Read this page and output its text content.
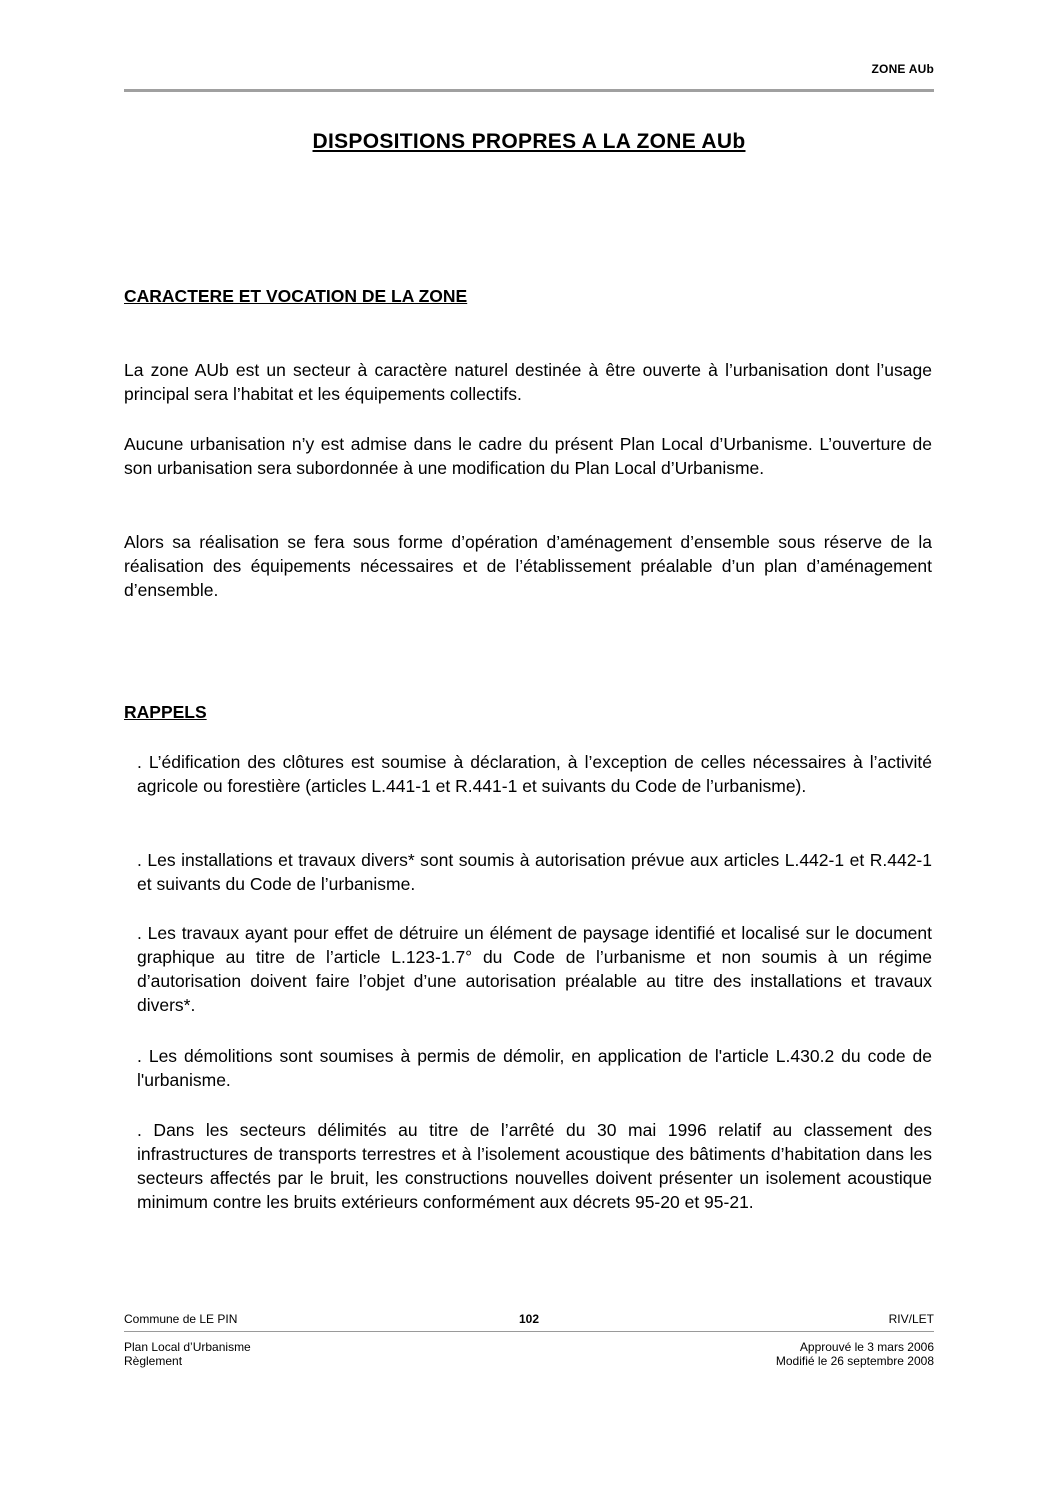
ZONE AUb
DISPOSITIONS PROPRES A LA ZONE AUb
CARACTERE ET VOCATION DE LA ZONE

La zone AUb est un secteur à caractère naturel destinée à être ouverte à l’urbanisation dont l’usage principal sera l’habitat et les équipements collectifs.

Aucune urbanisation n’y est admise dans le cadre du présent Plan Local d’Urbanisme. L’ouverture de son urbanisation sera subordonnée à une modification du Plan Local d’Urbanisme.

Alors sa réalisation se fera sous forme d’opération d’aménagement d’ensemble sous réserve de la réalisation des équipements nécessaires et de l’établissement préalable d’un plan d’aménagement d’ensemble.

RAPPELS

. L’édification des clôtures est soumise à déclaration, à l’exception de celles nécessaires à l’activité agricole ou forestière (articles L.441-1 et R.441-1 et suivants du Code de l’urbanisme).

. Les installations et travaux divers* sont soumis à autorisation prévue aux articles L.442-1 et R.442-1 et suivants du Code de l’urbanisme.

. Les travaux ayant pour effet de détruire un élément de paysage identifié et localisé sur le document graphique au titre de l’article L.123-1.7° du Code de l’urbanisme et non soumis à un régime d’autorisation doivent faire l’objet d’une autorisation préalable au titre des installations et travaux divers*.

. Les démolitions sont soumises à permis de démolir, en application de l'article L.430.2 du code de l'urbanisme.

. Dans les secteurs délimités au titre de l’arrêté du 30 mai 1996 relatif au classement des infrastructures de transports terrestres et à l’isolement acoustique des bâtiments d’habitation dans les secteurs affectés par le bruit, les constructions nouvelles doivent présenter un isolement acoustique minimum contre les bruits extérieurs conformément aux décrets 95-20 et 95-21.

Commune de LE PIN	102	RIV/LET
Plan Local d’Urbanisme
Règlement
Approuvé le 3 mars 2006
Modifié le 26 septembre 2008
